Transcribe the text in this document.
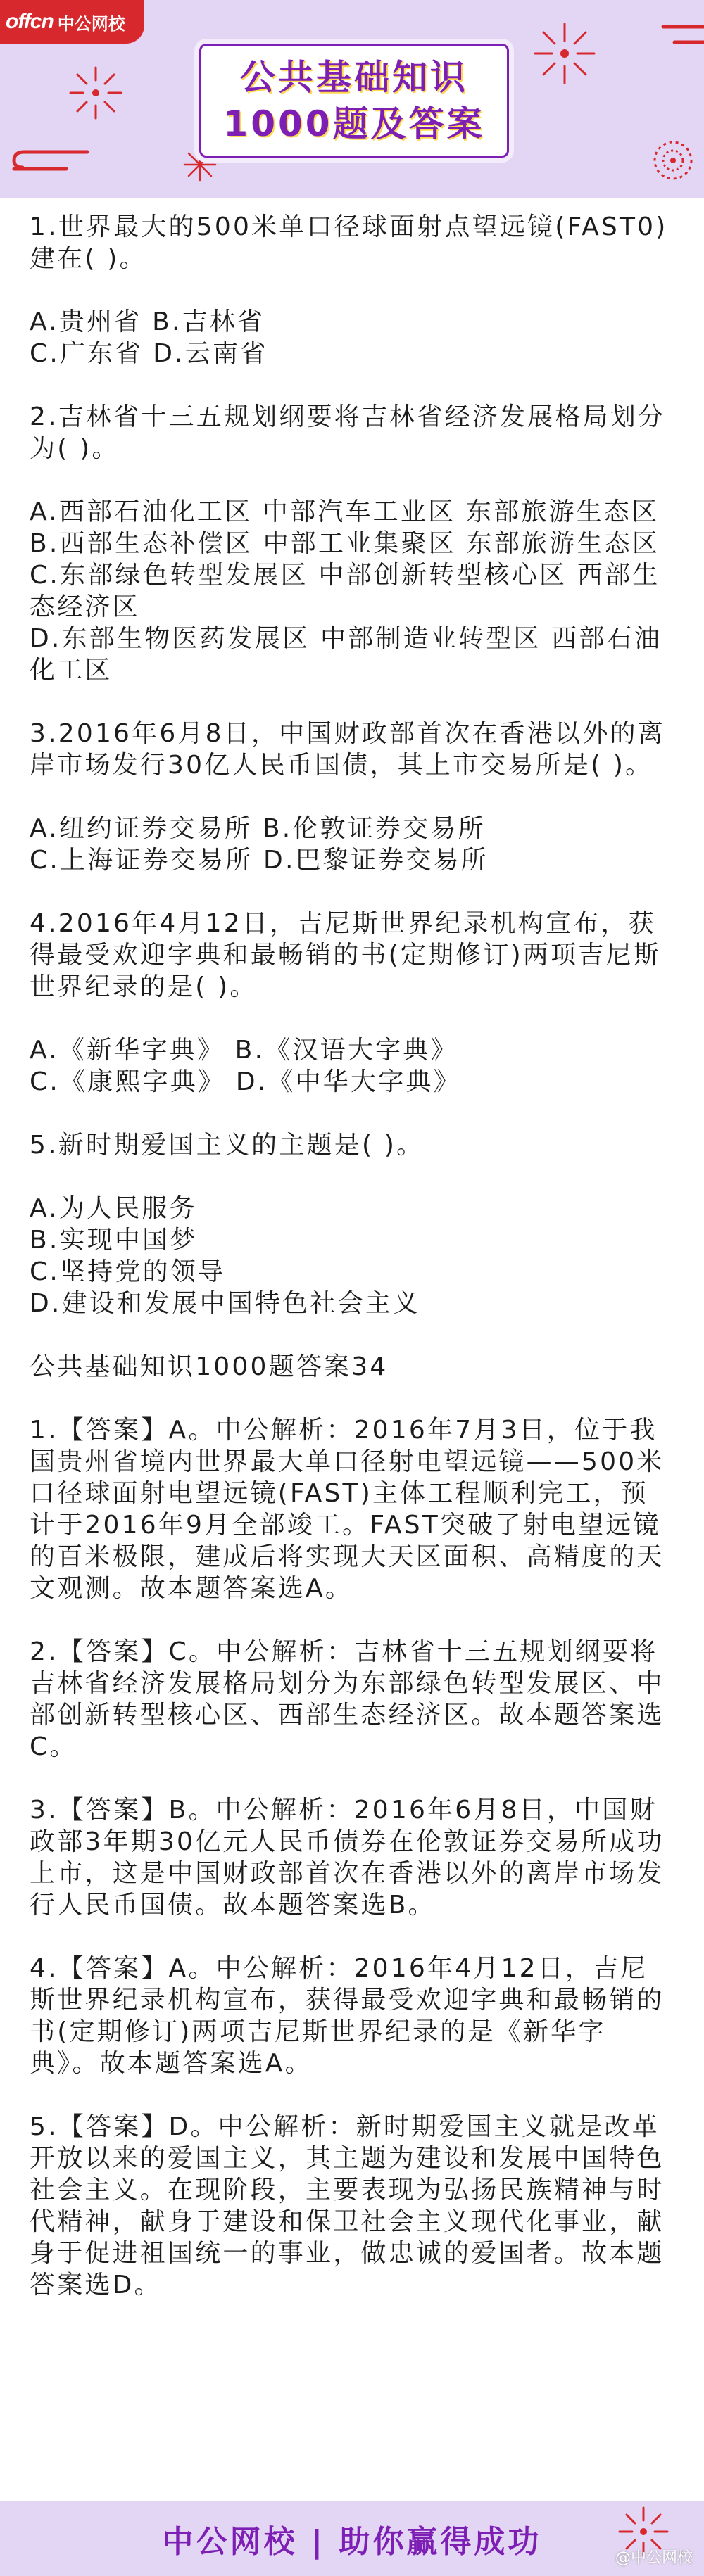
offcn 中公网校
公共基础知识
1000题及答案

1.世界最大的500米单口径球面射点望远镜(FAST0)建在( )。

A.贵州省 B.吉林省

C.广东省 D.云南省

2.吉林省十三五规划纲要将吉林省经济发展格局划分为( )。

A.西部石油化工区 中部汽车工业区 东部旅游生态区

B.西部生态补偿区 中部工业集聚区 东部旅游生态区

C.东部绿色转型发展区 中部创新转型核心区 西部生态经济区

D.东部生物医药发展区 中部制造业转型区 西部石油化工区

3.2016年6月8日，中国财政部首次在香港以外的离岸市场发行30亿人民币国债，其上市交易所是( )。

A.纽约证券交易所 B.伦敦证券交易所

C.上海证券交易所 D.巴黎证券交易所

4.2016年4月12日，吉尼斯世界纪录机构宣布，获得最受欢迎字典和最畅销的书(定期修订)两项吉尼斯世界纪录的是( )。

A.《新华字典》 B.《汉语大字典》

C.《康熙字典》 D.《中华大字典》

5.新时期爱国主义的主题是( )。

A.为人民服务

B.实现中国梦

C.坚持党的领导

D.建设和发展中国特色社会主义

公共基础知识1000题答案34

1.【答案】A。中公解析：2016年7月3日，位于我国贵州省境内世界最大单口径射电望远镜——500米口径球面射电望远镜(FAST)主体工程顺利完工，预计于2016年9月全部竣工。FAST突破了射电望远镜的百米极限，建成后将实现大天区面积、高精度的天文观测。故本题答案选A。

2.【答案】C。中公解析：吉林省十三五规划纲要将吉林省经济发展格局划分为东部绿色转型发展区、中部创新转型核心区、西部生态经济区。故本题答案选C。

3.【答案】B。中公解析：2016年6月8日，中国财政部3年期30亿元人民币债券在伦敦证券交易所成功上市，这是中国财政部首次在香港以外的离岸市场发行人民币国债。故本题答案选B。

4.【答案】A。中公解析：2016年4月12日，吉尼斯世界纪录机构宣布，获得最受欢迎字典和最畅销的书(定期修订)两项吉尼斯世界纪录的是《新华字典》。故本题答案选A。

5.【答案】D。中公解析：新时期爱国主义就是改革开放以来的爱国主义，其主题为建设和发展中国特色社会主义。在现阶段，主要表现为弘扬民族精神与时代精神，献身于建设和保卫社会主义现代化事业，献身于促进祖国统一的事业，做忠诚的爱国者。故本题答案选D。

中公网校 | 助你赢得成功	@中公网校
